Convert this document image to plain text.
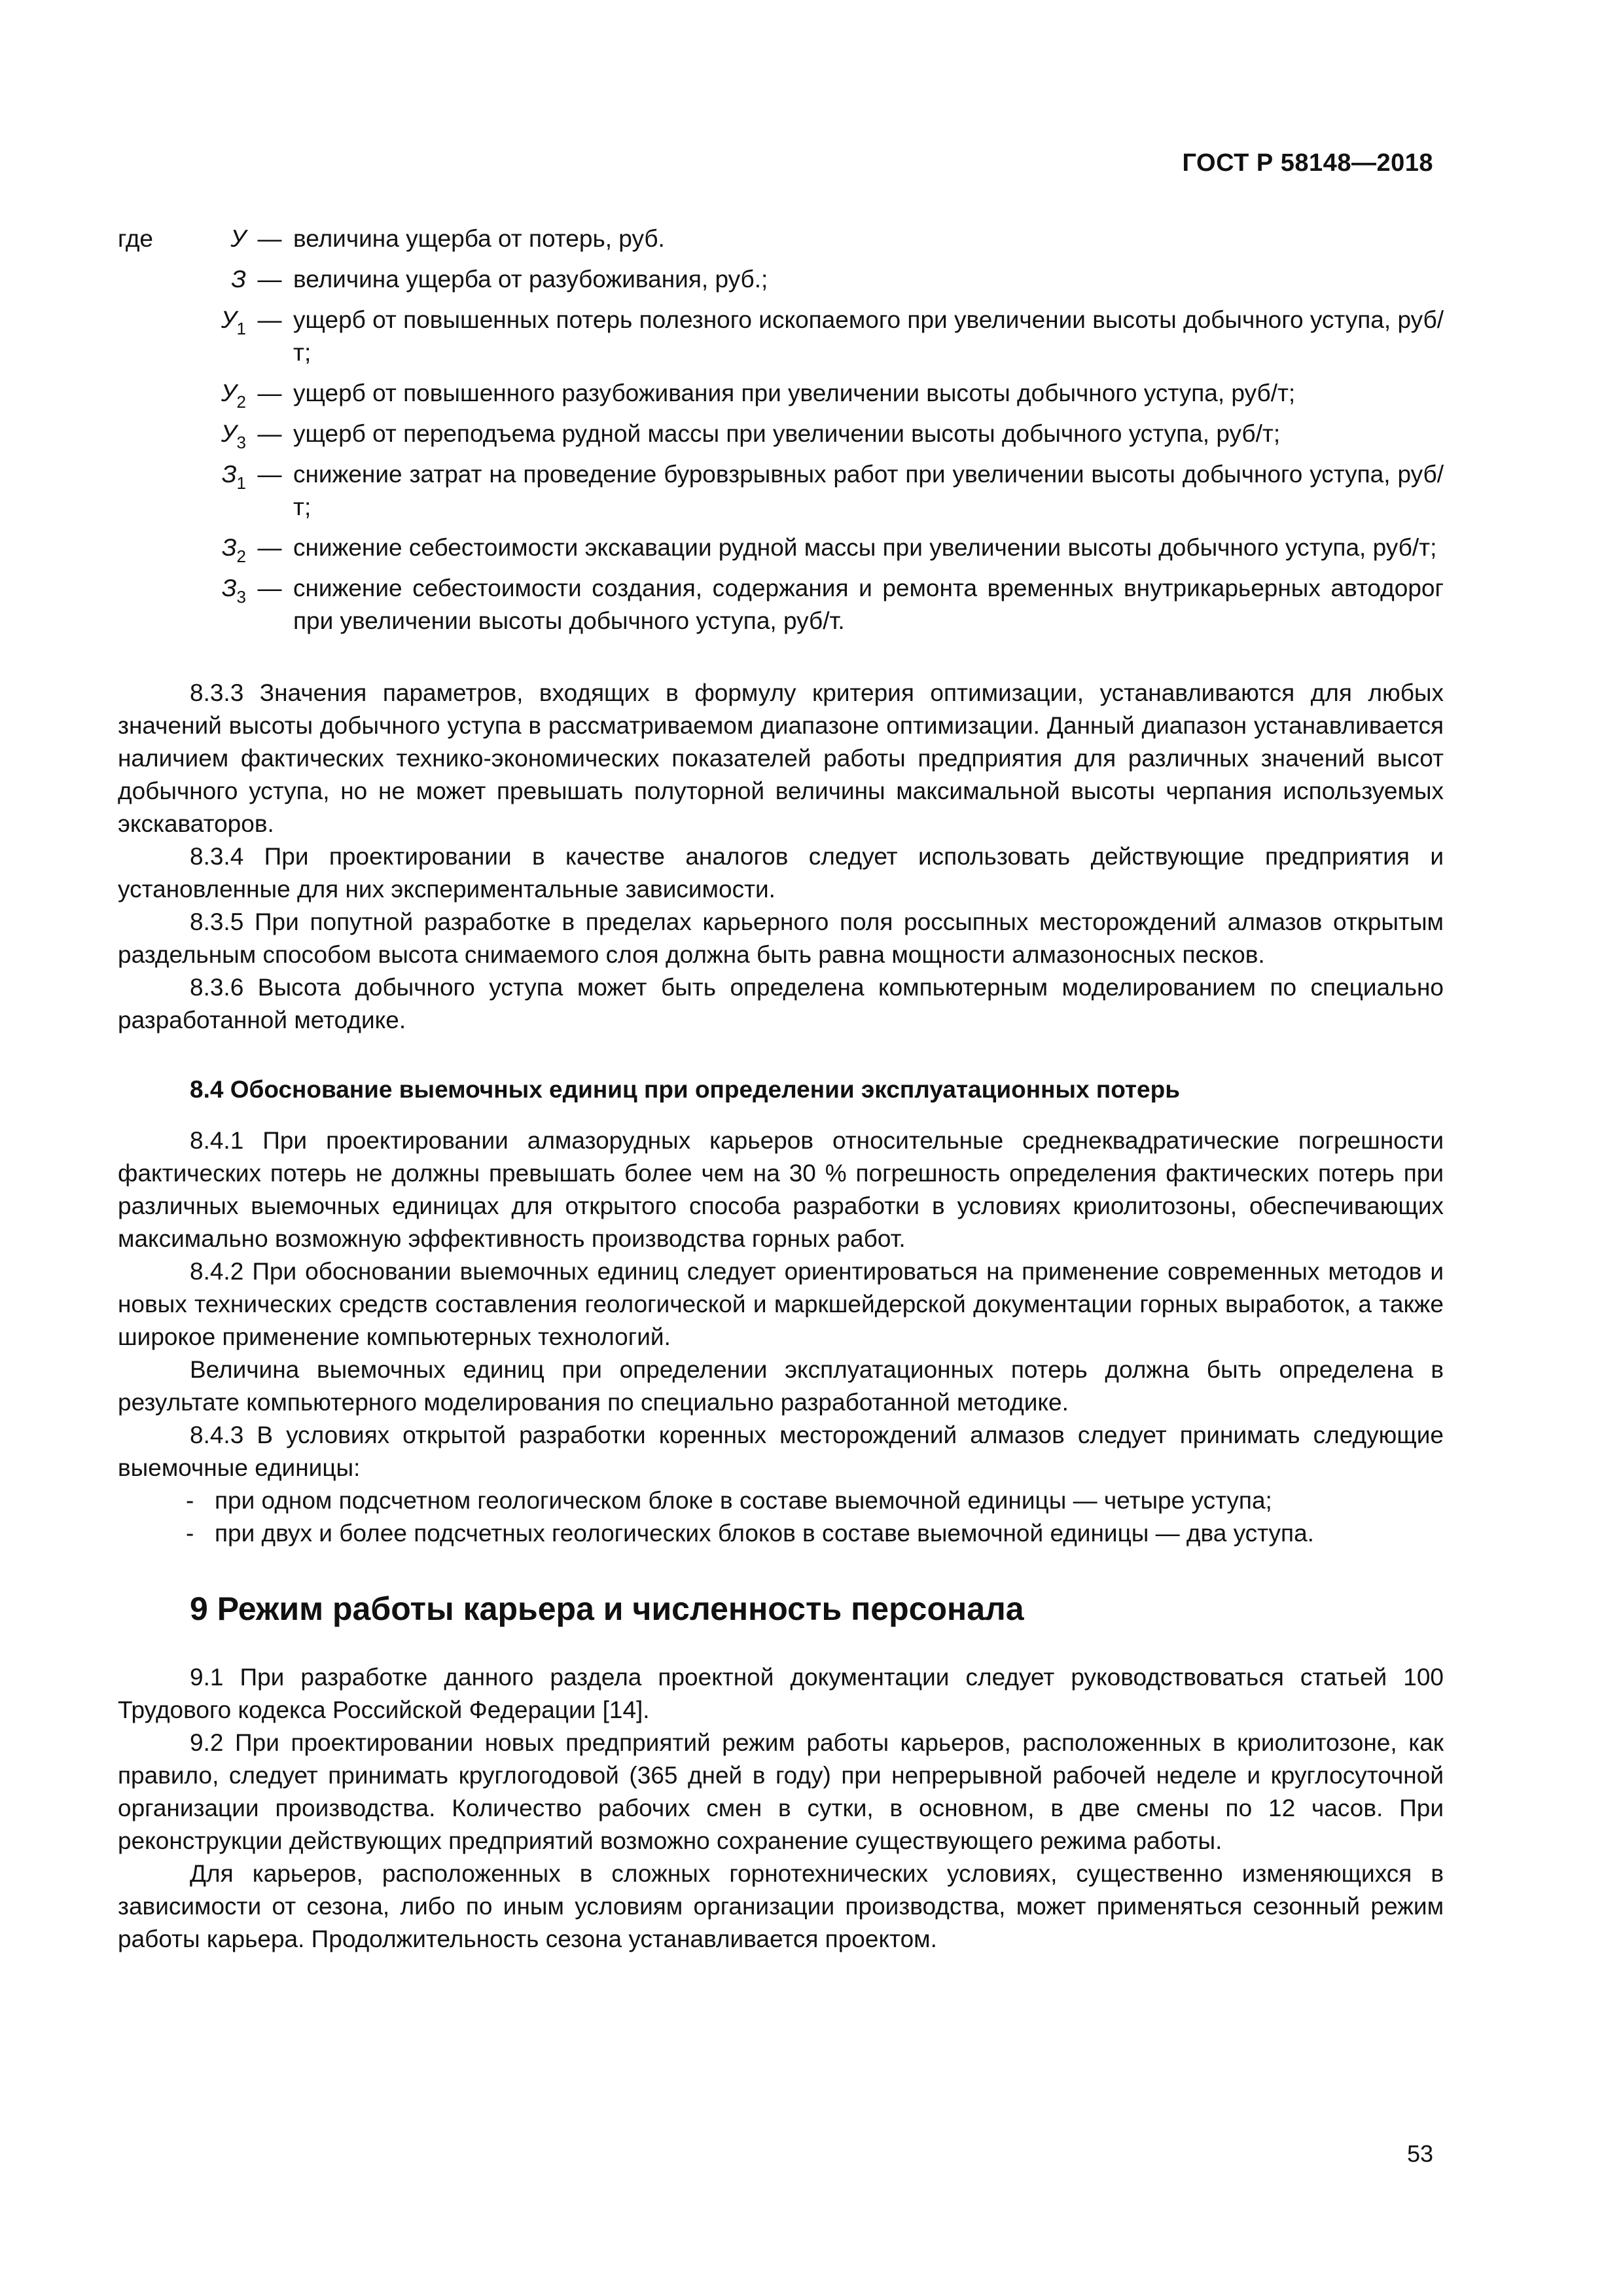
ГОСТ Р 58148—2018
где	У — величина ущерба от потерь, руб.
З — величина ущерба от разубоживания, руб.;
$У_1$ — ущерб от повышенных потерь полезного ископаемого при увеличении высоты добычного уступа, руб/т;
$У_2$ — ущерб от повышенного разубоживания при увеличении высоты добычного уступа, руб/т;
$У_3$ — ущерб от переподъема рудной массы при увеличении высоты добычного уступа, руб/т;
$З_1$ — снижение затрат на проведение буровзрывных работ при увеличении высоты добычного уступа, руб/т;
$З_2$ — снижение себестоимости экскавации рудной массы при увеличении высоты добычного уступа, руб/т;
$З_3$ — снижение себестоимости создания, содержания и ремонта временных внутрикарьерных автодорог при увеличении высоты добычного уступа, руб/т.

8.3.3 Значения параметров, входящих в формулу критерия оптимизации, устанавливаются для любых значений высоты добычного уступа в рассматриваемом диапазоне оптимизации. Данный диапазон устанавливается наличием фактических технико-экономических показателей работы предприятия для различных значений высот добычного уступа, но не может превышать полуторной величины максимальной высоты черпания используемых экскаваторов.

8.3.4 При проектировании в качестве аналогов следует использовать действующие предприятия и установленные для них экспериментальные зависимости.

8.3.5 При попутной разработке в пределах карьерного поля россыпных месторождений алмазов открытым раздельным способом высота снимаемого слоя должна быть равна мощности алмазоносных песков.

8.3.6 Высота добычного уступа может быть определена компьютерным моделированием по специально разработанной методике.

8.4 Обоснование выемочных единиц при определении эксплуатационных потерь

8.4.1 При проектировании алмазорудных карьеров относительные среднеквадратические погрешности фактических потерь не должны превышать более чем на 30 % погрешность определения фактических потерь при различных выемочных единицах для открытого способа разработки в условиях криолитозоны, обеспечивающих максимально возможную эффективность производства горных работ.

8.4.2 При обосновании выемочных единиц следует ориентироваться на применение современных методов и новых технических средств составления геологической и маркшейдерской документации горных выработок, а также широкое применение компьютерных технологий.

Величина выемочных единиц при определении эксплуатационных потерь должна быть определена в результате компьютерного моделирования по специально разработанной методике.

8.4.3 В условиях открытой разработки коренных месторождений алмазов следует принимать следующие выемочные единицы:

- при одном подсчетном геологическом блоке в составе выемочной единицы — четыре уступа;
- при двух и более подсчетных геологических блоков в составе выемочной единицы — два уступа.
9 Режим работы карьера и численность персонала

9.1 При разработке данного раздела проектной документации следует руководствоваться статьей 100 Трудового кодекса Российской Федерации [14].

9.2 При проектировании новых предприятий режим работы карьеров, расположенных в криолитозоне, как правило, следует принимать круглогодовой (365 дней в году) при непрерывной рабочей неделе и круглосуточной организации производства. Количество рабочих смен в сутки, в основном, в две смены по 12 часов. При реконструкции действующих предприятий возможно сохранение существующего режима работы.

Для карьеров, расположенных в сложных горнотехнических условиях, существенно изменяющихся в зависимости от сезона, либо по иным условиям организации производства, может применяться сезонный режим работы карьера. Продолжительность сезона устанавливается проектом.

53
